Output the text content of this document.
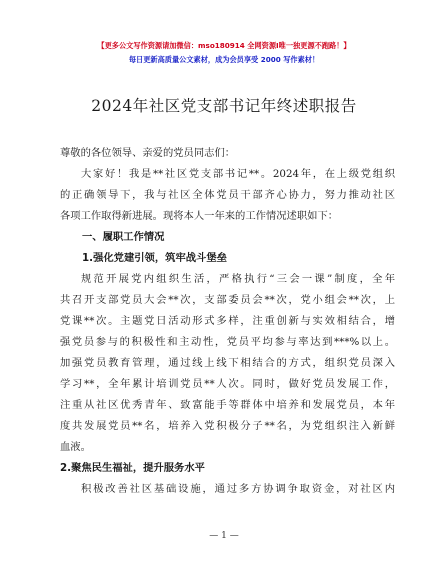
【更多公文写作资源请加微信：mso180914 全网资源I唯一独更源不跑路！】
每日更新高质量公文素材，成为会员享受 2000 写作素材！
2024年社区党支部书记年终述职报告
尊敬的各位领导、亲爱的党员同志们：
大家好！我是**社区党支部书记**。2024年，在上级党组织
的正确领导下，我与社区全体党员干部齐心协力，努力推动社区
各项工作取得新进展。现将本人一年来的工作情况述职如下：
一、履职工作情况
1.强化党建引领，筑牢战斗堡垒
规范开展党内组织生活，严格执行“三会一课”制度，全年
共召开支部党员大会**次，支部委员会**次，党小组会**次，上
党课**次。主题党日活动形式多样，注重创新与实效相结合，增
强党员参与的积极性和主动性，党员平均参与率达到***%以上。
加强党员教育管理，通过线上线下相结合的方式，组织党员深入
学习**，全年累计培训党员**人次。同时，做好党员发展工作，
注重从社区优秀青年、致富能手等群体中培养和发展党员，本年
度共发展党员**名，培养入党积极分子**名，为党组织注入新鲜
血液。
2.聚焦民生福祉，提升服务水平
积极改善社区基础设施，通过多方协调争取资金，对社区内
— 1 —
